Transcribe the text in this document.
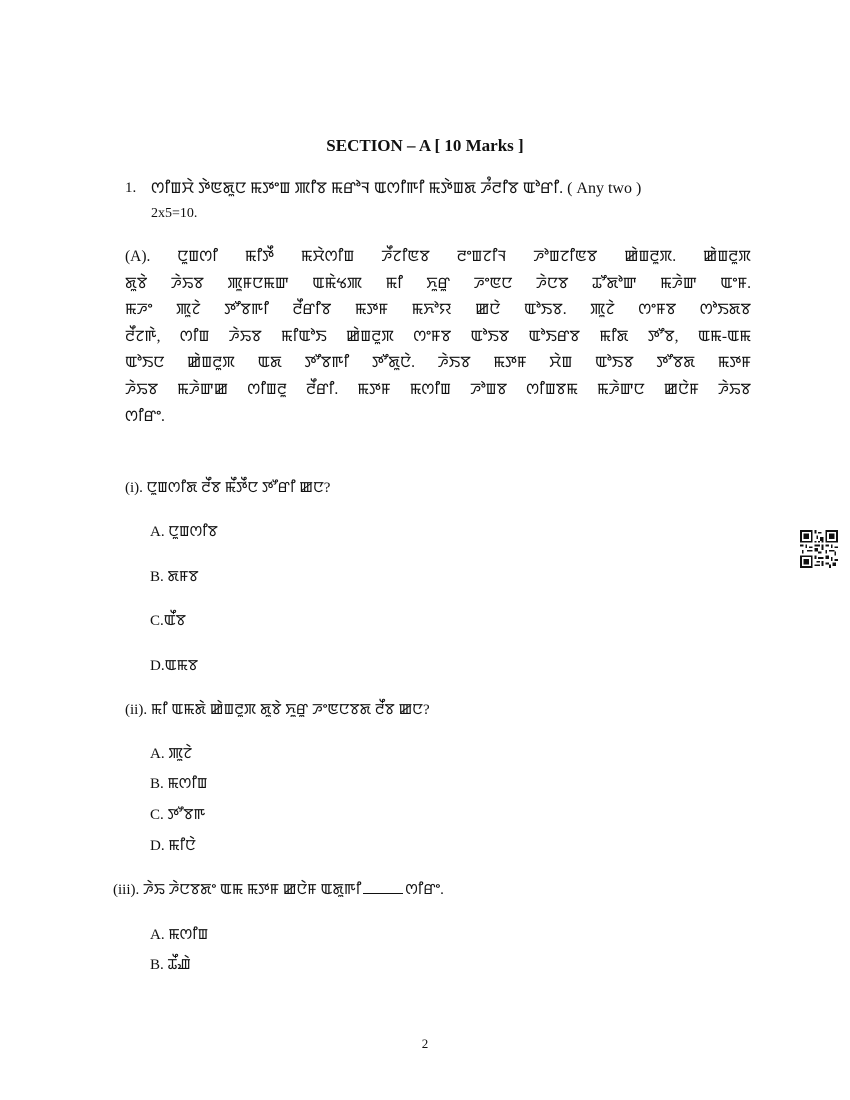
SECTION – A [ 10 Marks ]
1. ꯁꯤꯡꯆꯥ ꯇꯥꯟꯗꯨꯅ ꯃꯇꯦꯡ ꯄꯤꯕ ꯃꯔꯣꯜ ꯑꯁꯤꯒꯤ ꯃꯇꯥꯡꯗ ꯍꯪꯂꯤꯕ ꯑꯣꯔꯤ. ( Any two )
2x5=10.
(A). ꯅꯨꯡꯁꯤ ꯃꯤꯇꯩ ꯃꯆꯥꯁꯤꯡ ꯍꯩꯖꯤꯟꯕ ꯂꯦꯡꯖꯤꯜ ꯍꯣꯡꯖꯤꯟꯕ ꯀꯥꯡꯂꯨꯞ. ꯀꯥꯡꯂꯨꯞ
ꯗꯨꯕꯥ ꯍꯥꯢꯕ ꯄꯨꯝꯅꯃꯛ ꯑꯃꯥꯠꯄ ꯃꯤ ꯈꯨꯔꯨ ꯍꯦꯟꯅ ꯍꯥꯅꯕ ꯊꯧꯗꯣꯛ ꯃꯍꯥꯛ ꯑꯦꯝ.
ꯃꯍꯦ ꯄꯨꯖꯥ ꯇꯧꯕꯒꯤ ꯂꯩꯔꯤꯕ ꯃꯇꯝ ꯃꯈꯣꯌ ꯀꯅꯥ ꯑꯣꯏꯕ. ꯄꯨꯖꯥ ꯁꯦꯝꯕ ꯁꯣꯏꯗꯕ
ꯂꯩꯖꯒꯥ, ꯁꯤꯡ ꯍꯥꯢꯕ ꯃꯤꯑꯣꯏ ꯀꯥꯡꯂꯨꯞ ꯁꯦꯝꯕ ꯑꯣꯏꯕ ꯑꯣꯏꯔꯕ ꯃꯤꯗ ꯇꯧꯕ, ꯑꯃ-ꯑꯃ
ꯑꯣꯏꯅ ꯀꯥꯡꯂꯨꯞ ꯑꯗ ꯇꯧꯕꯒꯤ ꯇꯧꯗꯨꯅꯥ. ꯍꯥꯏꯕ ꯃꯇꯝ ꯆꯥꯡ ꯑꯣꯏꯕ ꯇꯧꯕꯗ ꯃꯇꯝ
ꯍꯥꯢꯕ ꯃꯍꯥꯛꯀ ꯁꯤꯡꯂꯨ ꯂꯩꯔꯤ. ꯃꯇꯝ ꯃꯁꯤꯡ ꯍꯣꯡꯕ ꯁꯤꯡꯕꯃ ꯃꯍꯥꯛꯅ ꯀꯅꯥꯝ ꯍꯥꯢꯕ
ꯁꯤꯔꯦ.
(i). ꯅꯨꯡꯁꯤꯗ ꯂꯩꯕ ꯃꯩꯇꯩꯅ ꯇꯧꯔꯤ ꯀꯅ?
A. ꯅꯨꯡꯁꯤꯕ
B. ꯗꯝꯕ
C.ꯑꯩꯕ
D.ꯑꯃꯕ
(ii). ꯃꯤ ꯑꯃꯗꯥ ꯀꯥꯡꯂꯨꯞ ꯗꯨꯕꯥ ꯈꯨꯔꯨ ꯍꯦꯟꯅꯕꯗ ꯂꯩꯕ ꯀꯅ?
A. ꯄꯨꯖꯥ
B. ꯃꯁꯤꯡ
C. ꯇꯧꯕꯒ
D. ꯃꯤꯅꯥ
(iii). ꯍꯥꯢ ꯍꯥꯅꯕꯗꯦ ꯑꯃ ꯃꯇꯝ ꯀꯅꯥꯝ ꯑꯗꯨꯒꯤ	ꯁꯤꯔꯦ.
A. ꯃꯁꯤꯡ
B. ꯊꯩꯉꯥ
2
